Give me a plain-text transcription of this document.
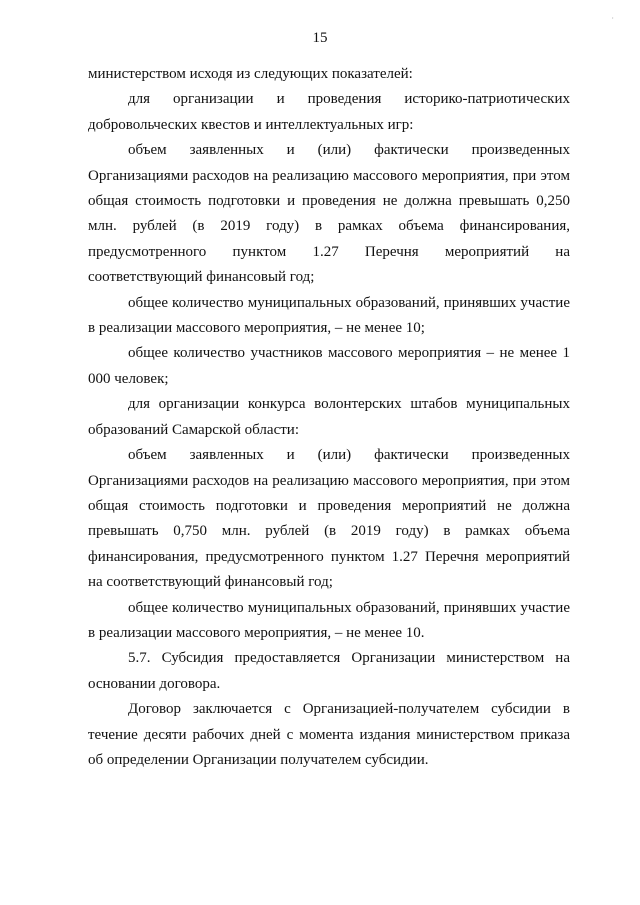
·
15

министерством исходя из следующих показателей:

для организации и проведения историко-патриотических добровольческих квестов и интеллектуальных игр:

объем заявленных и (или) фактически произведенных Организациями расходов на реализацию массового мероприятия, при этом общая стоимость подготовки и проведения не должна превышать 0,250 млн. рублей (в 2019 году) в рамках объема финансирования, предусмотренного пунктом 1.27 Перечня мероприятий на соответствующий финансовый год;

общее количество муниципальных образований, принявших участие в реализации массового мероприятия, – не менее 10;

общее количество участников массового мероприятия – не менее 1 000 человек;

для организации конкурса волонтерских штабов муниципальных образований Самарской области:

объем заявленных и (или) фактически произведенных Организациями расходов на реализацию массового мероприятия, при этом общая стоимость подготовки и проведения мероприятий не должна превышать 0,750 млн. рублей (в 2019 году) в рамках объема финансирования, предусмотренного пунктом 1.27 Перечня мероприятий на соответствующий финансовый год;

общее количество муниципальных образований, принявших участие в реализации массового мероприятия, – не менее 10.

5.7. Субсидия предоставляется Организации министерством на основании договора.

Договор заключается с Организацией-получателем субсидии в течение десяти рабочих дней с момента издания министерством приказа об определении Организации получателем субсидии.
